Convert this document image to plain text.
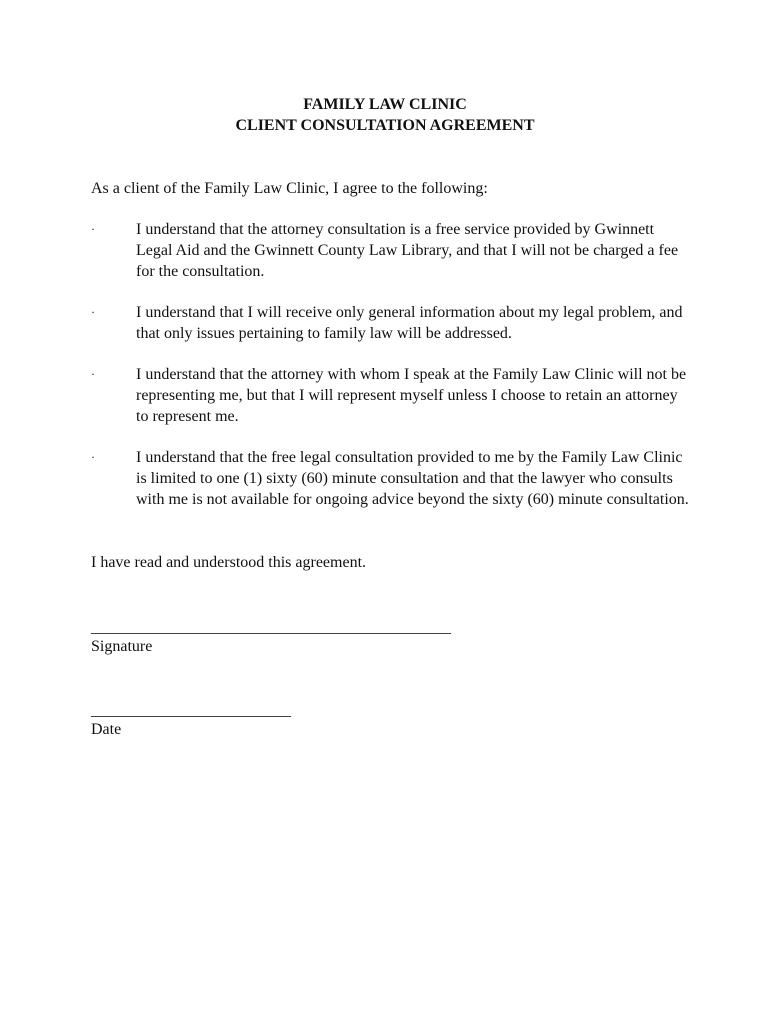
FAMILY LAW CLINIC
CLIENT CONSULTATION AGREEMENT
As a client of the Family Law Clinic, I agree to the following:
·	I understand that the attorney consultation is a free service provided by Gwinnett Legal Aid and the Gwinnett County Law Library, and that I will not be charged a fee for the consultation.
·	I understand that I will receive only general information about my legal problem, and that only issues pertaining to family law will be addressed.
·	I understand that the attorney with whom I speak at the Family Law Clinic will not be representing me, but that I will represent myself unless I choose to retain an attorney to represent me.
·	I understand that the free legal consultation provided to me by the Family Law Clinic is limited to one (1) sixty (60) minute consultation and that the lawyer who consults with me is not available for ongoing advice beyond the sixty (60) minute consultation.
I have read and understood this agreement.
_____________________________________________
Signature
_________________________
Date
